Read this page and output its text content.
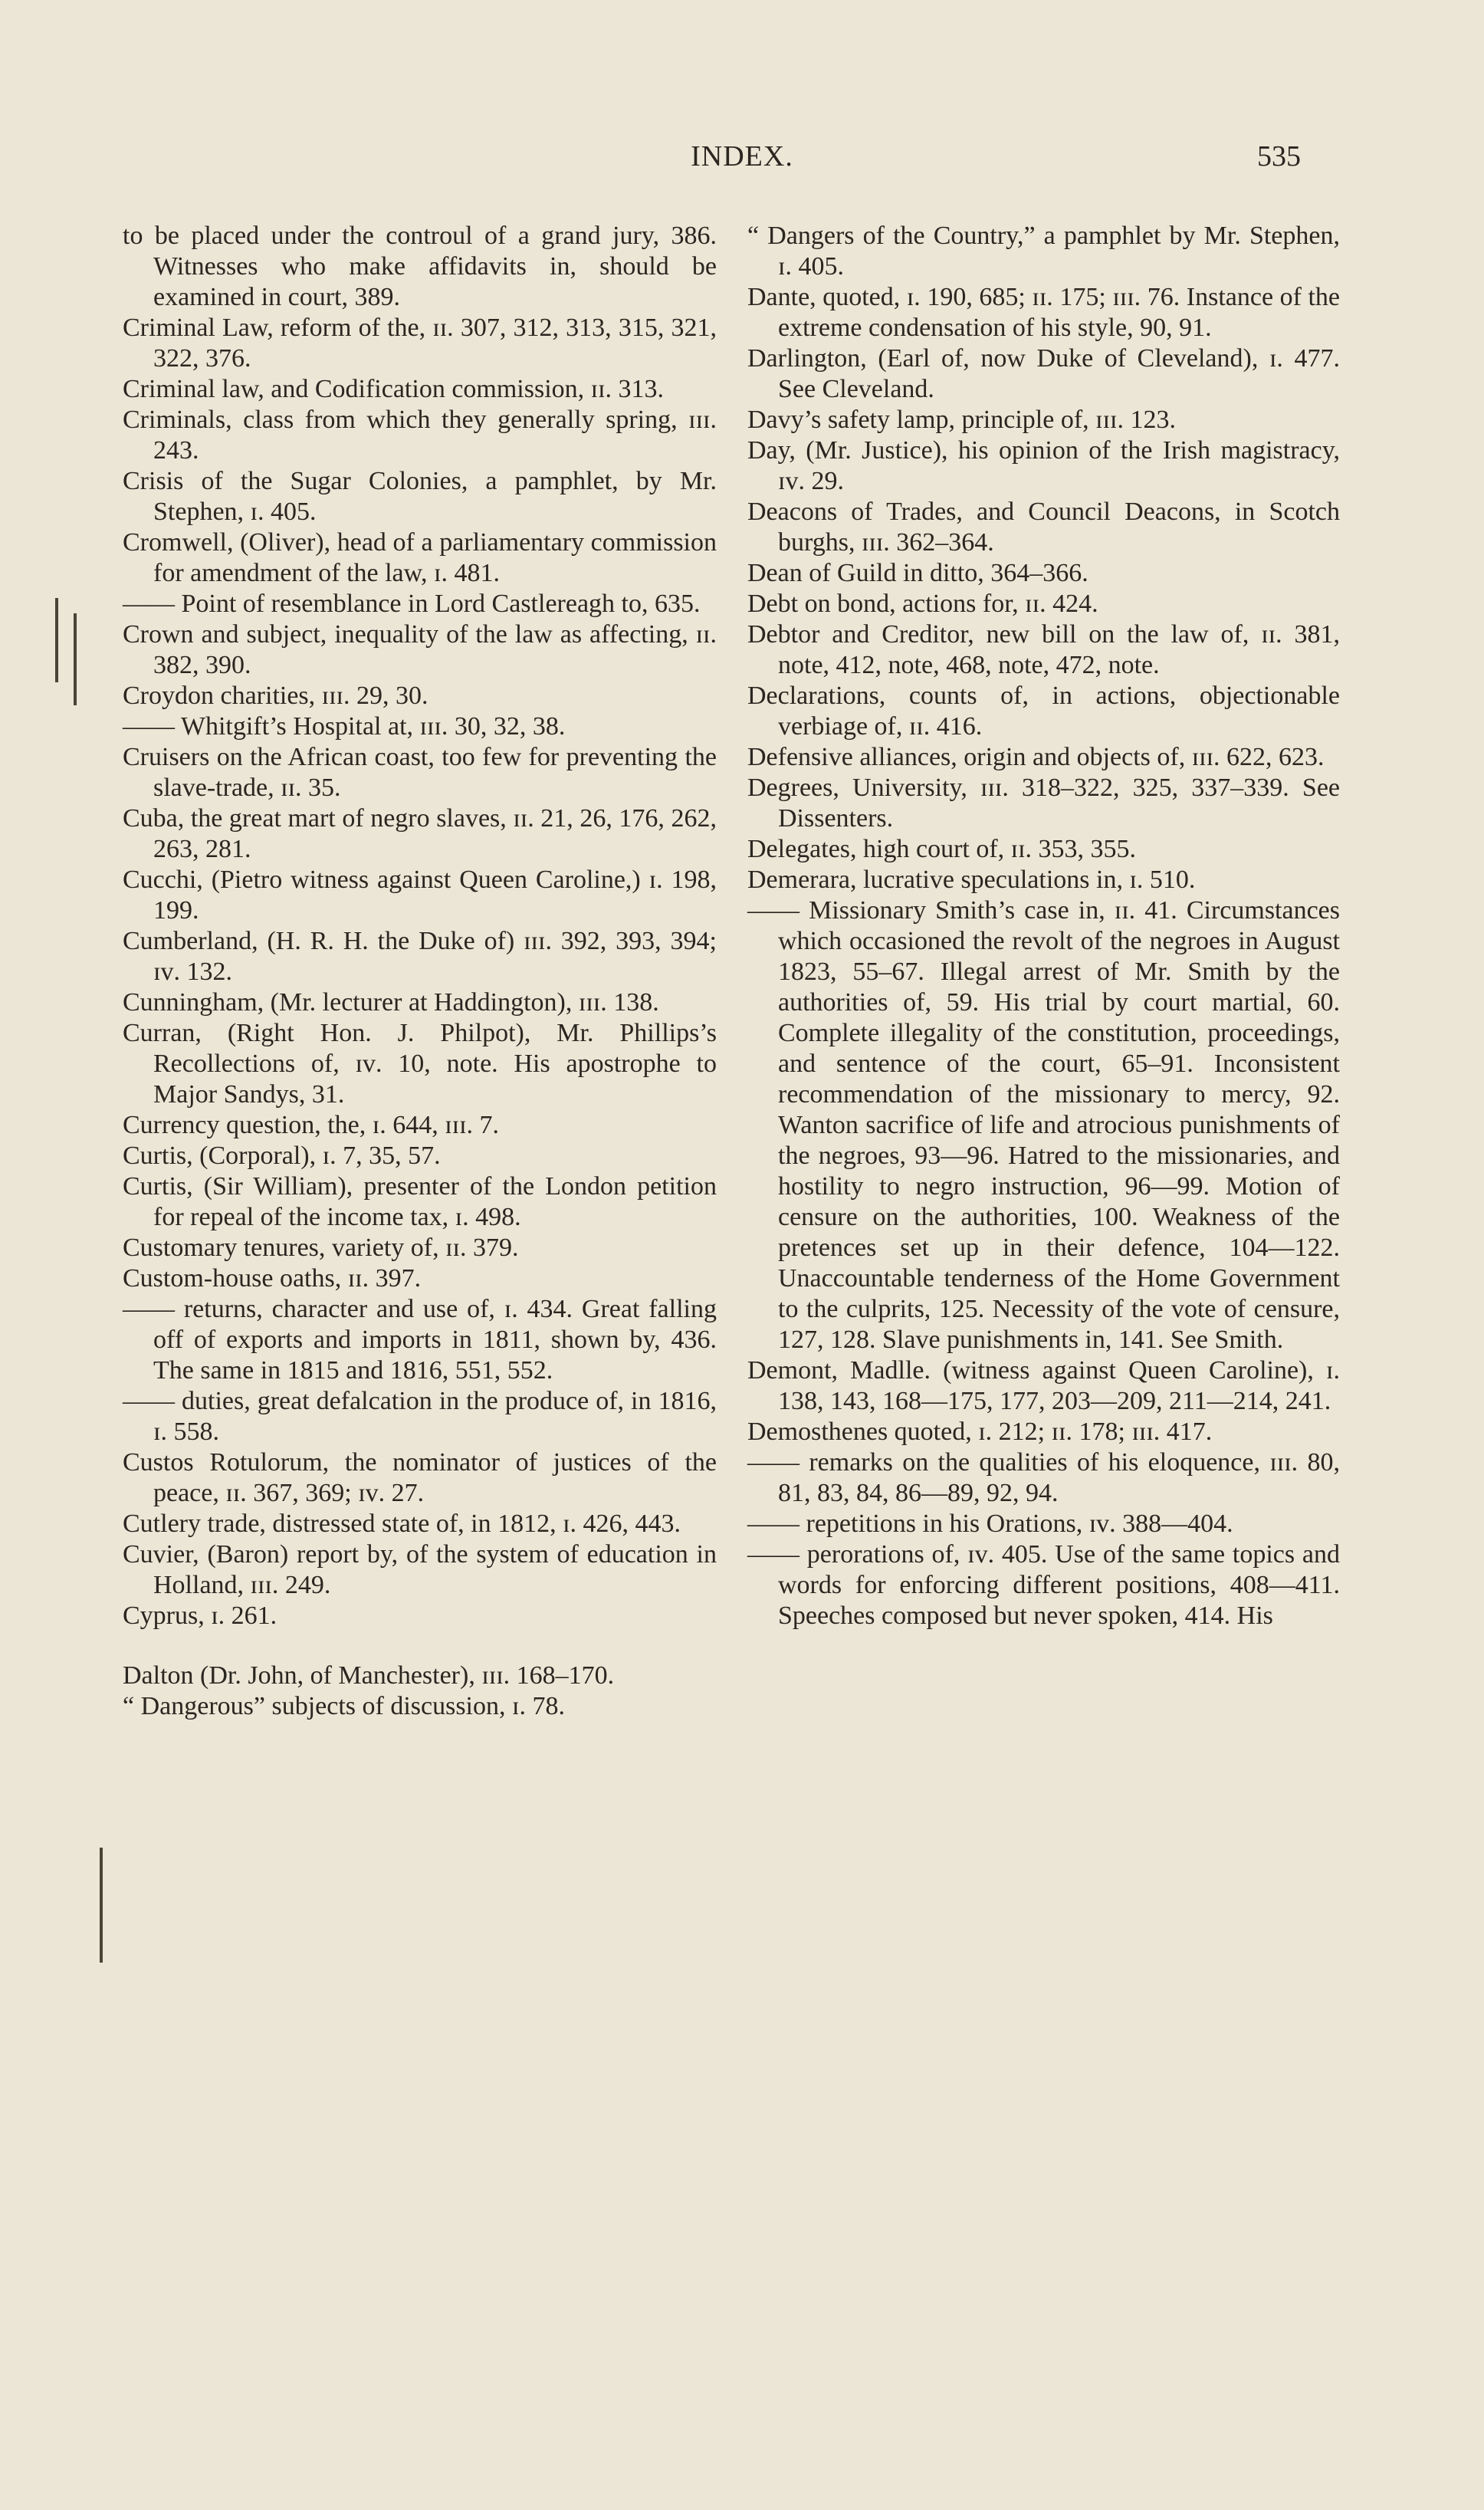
INDEX.	535

to be placed under the controul of a grand jury, 386. Witnesses who make affidavits in, should be examined in court, 389.

Criminal Law, reform of the, ɪɪ. 307, 312, 313, 315, 321, 322, 376.

Criminal law, and Codification commission, ɪɪ. 313.

Criminals, class from which they generally spring, ɪɪɪ. 243.

Crisis of the Sugar Colonies, a pamphlet, by Mr. Stephen, ɪ. 405.

Cromwell, (Oliver), head of a parliamentary commission for amendment of the law, ɪ. 481.

—— Point of resemblance in Lord Castlereagh to, 635.

Crown and subject, inequality of the law as affecting, ɪɪ. 382, 390.

Croydon charities, ɪɪɪ. 29, 30.

—— Whitgift’s Hospital at, ɪɪɪ. 30, 32, 38.

Cruisers on the African coast, too few for preventing the slave-trade, ɪɪ. 35.

Cuba, the great mart of negro slaves, ɪɪ. 21, 26, 176, 262, 263, 281.

Cucchi, (Pietro witness against Queen Caroline,) ɪ. 198, 199.

Cumberland, (H. R. H. the Duke of) ɪɪɪ. 392, 393, 394; ɪᴠ. 132.

Cunningham, (Mr. lecturer at Haddington), ɪɪɪ. 138.

Curran, (Right Hon. J. Philpot), Mr. Phillips’s Recollections of, ɪᴠ. 10, note. His apostrophe to Major Sandys, 31.

Currency question, the, ɪ. 644, ɪɪɪ. 7.

Curtis, (Corporal), ɪ. 7, 35, 57.

Curtis, (Sir William), presenter of the London petition for repeal of the income tax, ɪ. 498.

Customary tenures, variety of, ɪɪ. 379.

Custom-house oaths, ɪɪ. 397.

—— returns, character and use of, ɪ. 434. Great falling off of exports and imports in 1811, shown by, 436. The same in 1815 and 1816, 551, 552.

—— duties, great defalcation in the produce of, in 1816, ɪ. 558.

Custos Rotulorum, the nominator of justices of the peace, ɪɪ. 367, 369; ɪᴠ. 27.

Cutlery trade, distressed state of, in 1812, ɪ. 426, 443.

Cuvier, (Baron) report by, of the system of education in Holland, ɪɪɪ. 249.

Cyprus, ɪ. 261.

Dalton (Dr. John, of Manchester), ɪɪɪ. 168–170.

“ Dangerous” subjects of discussion, ɪ. 78.

“ Dangers of the Country,” a pamphlet by Mr. Stephen, ɪ. 405.

Dante, quoted, ɪ. 190, 685; ɪɪ. 175; ɪɪɪ. 76. Instance of the extreme condensation of his style, 90, 91.

Darlington, (Earl of, now Duke of Cleveland), ɪ. 477. See Cleveland.

Davy’s safety lamp, principle of, ɪɪɪ. 123.

Day, (Mr. Justice), his opinion of the Irish magistracy, ɪᴠ. 29.

Deacons of Trades, and Council Deacons, in Scotch burghs, ɪɪɪ. 362–364.

Dean of Guild in ditto, 364–366.

Debt on bond, actions for, ɪɪ. 424.

Debtor and Creditor, new bill on the law of, ɪɪ. 381, note, 412, note, 468, note, 472, note.

Declarations, counts of, in actions, objectionable verbiage of, ɪɪ. 416.

Defensive alliances, origin and objects of, ɪɪɪ. 622, 623.

Degrees, University, ɪɪɪ. 318–322, 325, 337–339. See Dissenters.

Delegates, high court of, ɪɪ. 353, 355.

Demerara, lucrative speculations in, ɪ. 510.

—— Missionary Smith’s case in, ɪɪ. 41. Circumstances which occasioned the revolt of the negroes in August 1823, 55–67. Illegal arrest of Mr. Smith by the authorities of, 59. His trial by court martial, 60. Complete illegality of the constitution, proceedings, and sentence of the court, 65–91. Inconsistent recommendation of the missionary to mercy, 92. Wanton sacrifice of life and atrocious punishments of the negroes, 93—96. Hatred to the missionaries, and hostility to negro instruction, 96—99. Motion of censure on the authorities, 100. Weakness of the pretences set up in their defence, 104—122. Unaccountable tenderness of the Home Government to the culprits, 125. Necessity of the vote of censure, 127, 128. Slave punishments in, 141. See Smith.

Demont, Madlle. (witness against Queen Caroline), ɪ. 138, 143, 168—175, 177, 203—209, 211—214, 241.

Demosthenes quoted, ɪ. 212; ɪɪ. 178; ɪɪɪ. 417.

—— remarks on the qualities of his eloquence, ɪɪɪ. 80, 81, 83, 84, 86—89, 92, 94.

—— repetitions in his Orations, ɪᴠ. 388—404.

—— perorations of, ɪᴠ. 405. Use of the same topics and words for enforcing different positions, 408—411. Speeches composed but never spoken, 414. His
